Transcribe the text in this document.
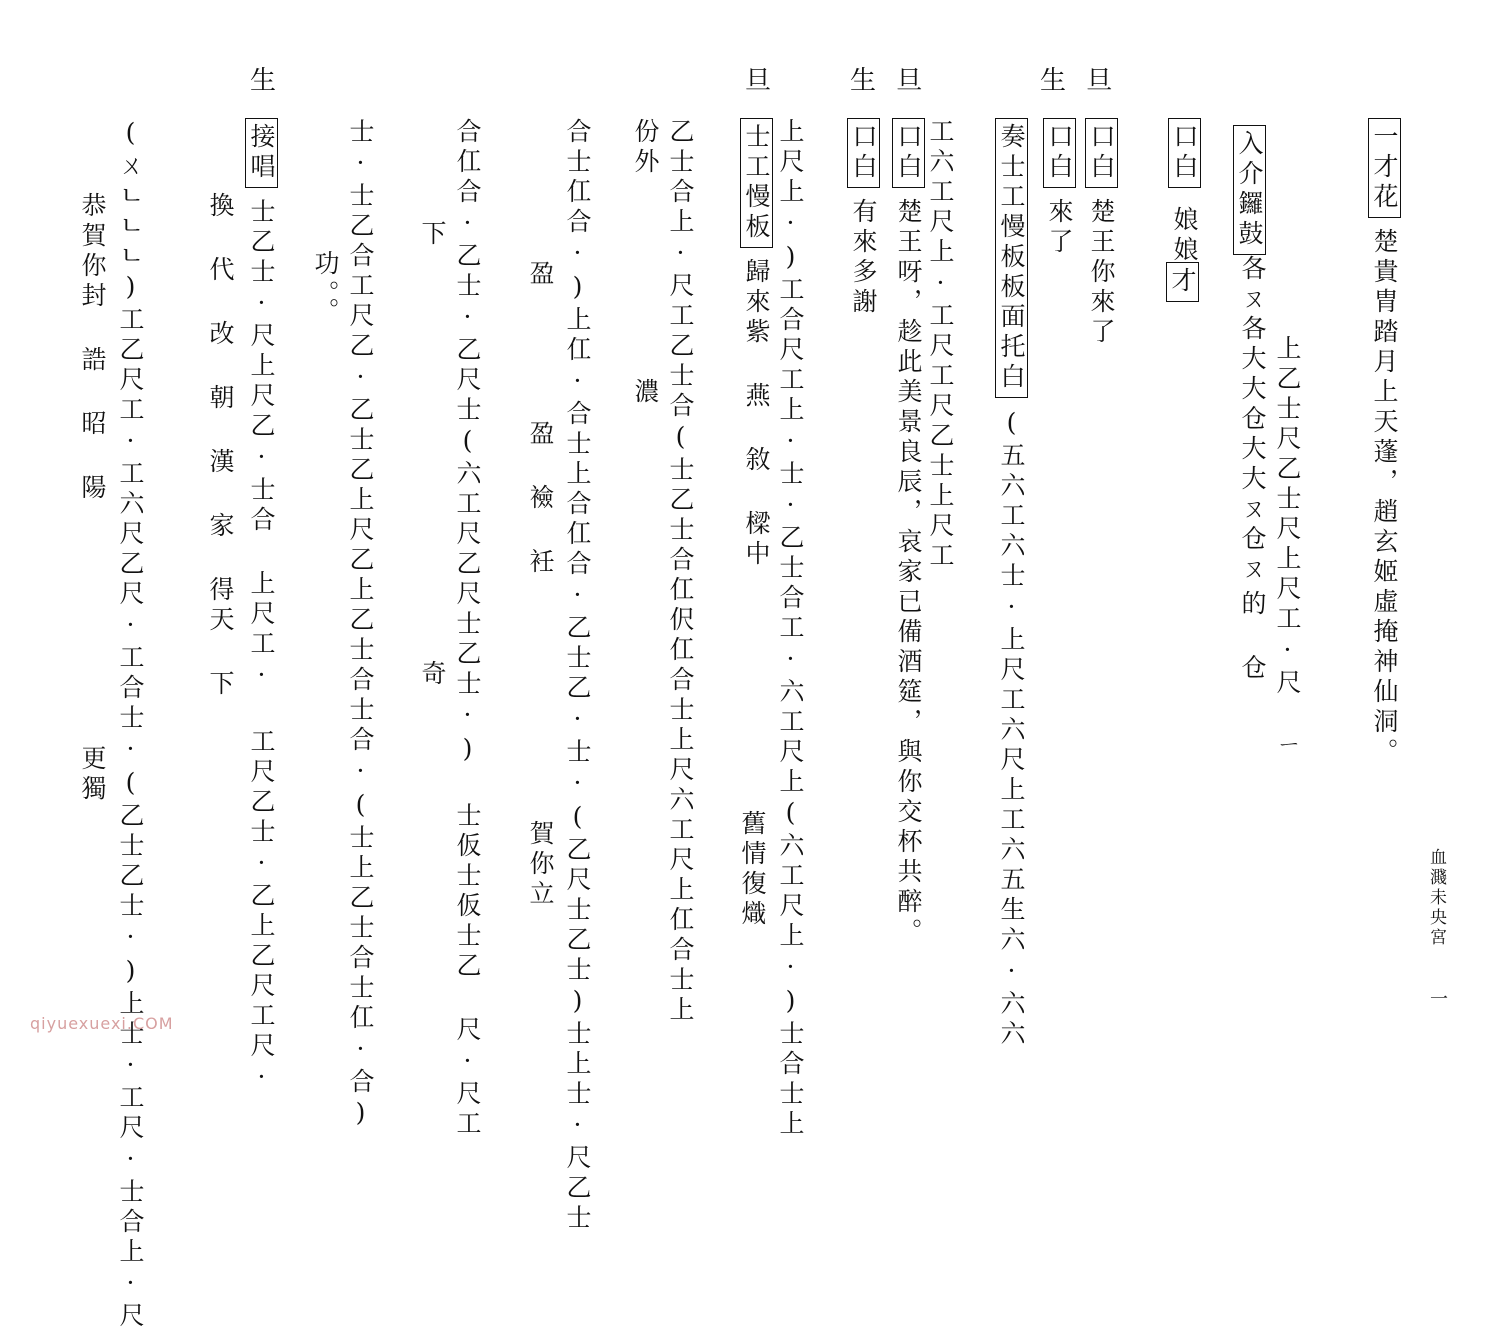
生 旦
生 旦
旦
生
一才花楚貴胄踏月上天蓬，趙玄姬虛掩神仙洞。
入介鑼鼓
各ㄡ各大大仓大大ㄡ仓ㄡ 上乙士尺乙士尺上尺工·尺 ㄧ
的 仓
口白娘娘
才
口白楚王你來了
口白來了
奏士工慢板板面托白(五六工六士·上尺工六尺上工六五生六·六六
工六工尺上·工尺工尺乙士上尺工
口白楚王呀，趁此美景良辰，哀家已備酒筵，與你交杯共醉。
口白有來多謝
上尺上·)工合尺工上·士·乙士合工·六工尺上(六工尺上·)士合士上
士工慢板歸來紫 燕 敘 樑中
舊情復熾
乙士合上·尺工乙士合(士乙士合仜伬仜合士上尺六工尺上仜合士上
份外
濃
合士仜合·)上仜·合士上合仜合·乙士乙·士·(乙尺士乙士)士上士·尺乙士
盈
盈 襝 衽
賀你立
合仜合·乙士·乙尺士(六工尺乙尺士乙士·) 士仮士仮士乙 尺·尺工
下
奇
士·士乙合工尺乙·乙士乙上尺乙上乙士合士合·(士上乙士合士仜·合)
功。。
接唱士乙士·尺上尺乙·士合 上尺工· 工尺乙士·乙上乙尺工尺·
換 代 改 朝 漢 家 得天 下
(ㄨㄴㄴㄴ)工乙尺工·工六尺乙尺·工合士·(乙士乙士·)上士·工尺·士合上·尺
恭賀你封 誥 昭 陽
更獨
血濺未央宮
一
qiyuexuexi.COM
